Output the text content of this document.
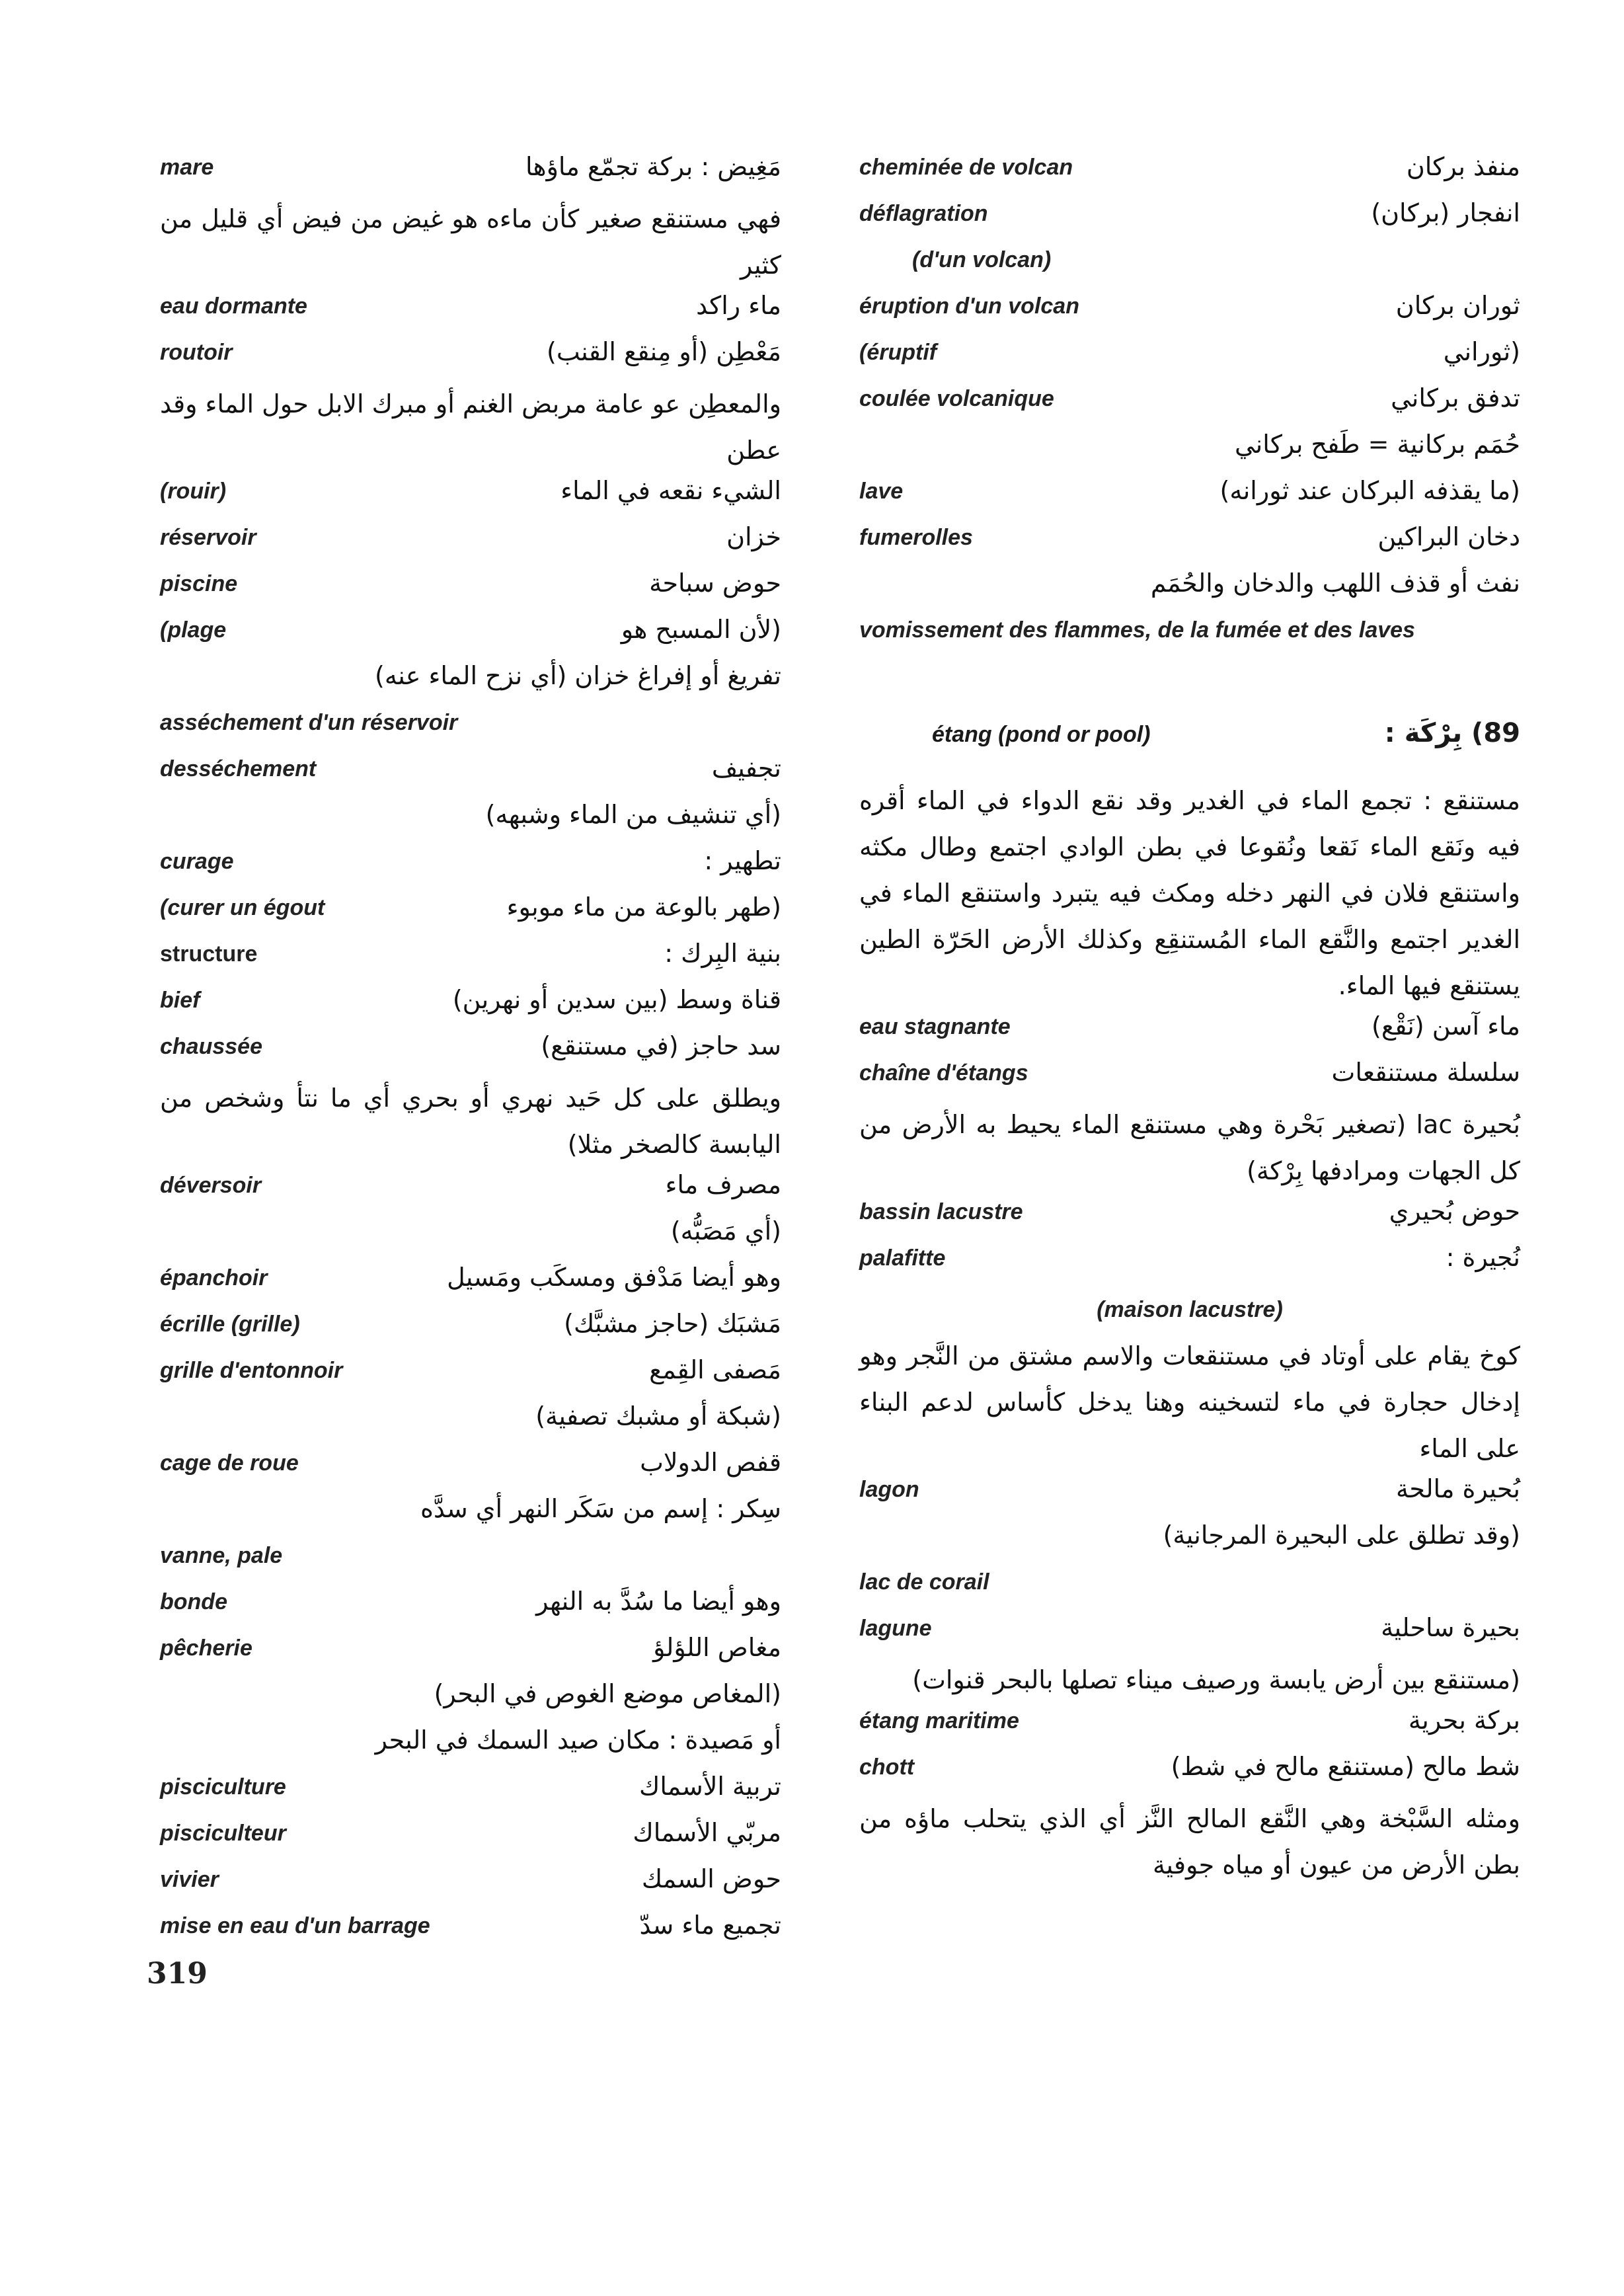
cheminée de volcan	منفذ بركان
déflagration	انفجار (بركان)
(d'un volcan)
éruption d'un volcan	ثوران بركان
(éruptif	(ثوراني
coulée volcanique	تدفق بركاني
حُمَم بركانية = طَفح بركاني
lave	(ما يقذفه البركان عند ثورانه)
fumerolles	دخان البراكين
نفث أو قذف اللهب والدخان والحُمَم
vomissement des flammes, de la fumée et des laves
89) بِرْكَة :
étang (pond or pool)

مستنقع : تجمع الماء في الغدير وقد نقع الدواء في الماء أقره فيه ونَقع الماء نَقعا ونُقوعا في بطن الوادي اجتمع وطال مكثه واستنقع فلان في النهر دخله ومكث فيه يتبرد واستنقع الماء في الغدير اجتمع والنَّقع الماء المُستنقِع وكذلك الأرض الحَرّة الطين يستنقع فيها الماء.

eau stagnante	ماء آسن (نَقْع)
chaîne d'étangs	سلسلة مستنقعات

بُحيرة lac (تصغير بَحْرة وهي مستنقع الماء يحيط به الأرض من كل الجهات ومرادفها بِرْكة)

bassin lacustre	حوض بُحيري
palafitte	نُجيرة :
(maison lacustre)

كوخ يقام على أوتاد في مستنقعات والاسم مشتق من النَّجر وهو إدخال حجارة في ماء لتسخينه وهنا يدخل كأساس لدعم البناء على الماء

lagon	بُحيرة مالحة
(وقد تطلق على البحيرة المرجانية)
lac de corail
lagune	بحيرة ساحلية

(مستنقع بين أرض يابسة ورصيف ميناء تصلها بالبحر قنوات)

étang maritime	بركة بحرية
chott	شط مالح (مستنقع مالح في شط)

ومثله السَّبْخة وهي النَّقع المالح النَّز أي الذي يتحلب ماؤه من بطن الأرض من عيون أو مياه جوفية

mare	مَغِيض : بركة تجمّع ماؤها

فهي مستنقع صغير كأن ماءه هو غيض من فيض أي قليل من كثير

eau dormante	ماء راكد
routoir	مَعْطِن (أو مِنقع القنب)

والمعطِن عو عامة مربض الغنم أو مبرك الابل حول الماء وقد عطن

(rouir)	الشيء نقعه في الماء
réservoir	خزان
piscine	حوض سباحة
(plage	(لأن المسبح هو
تفريغ أو إفراغ خزان (أي نزح الماء عنه)
asséchement d'un réservoir
desséchement	تجفيف
(أي تنشيف من الماء وشبهه)
curage	تطهير :
(curer un égout	(طهر بالوعة من ماء موبوء
structure	بنية البِرك :
bief	قناة وسط (بين سدين أو نهرين)
chaussée	سد حاجز (في مستنقع)

ويطلق على كل حَيد نهري أو بحري أي ما نتأ وشخص من اليابسة كالصخر مثلا)

déversoir	مصرف ماء
(أي مَصَبُّه)
épanchoir	وهو أيضا مَدْفق ومسكَب ومَسيل
écrille (grille)	مَشبَك (حاجز مشبَّك)
grille d'entonnoir	مَصفى القِمع
(شبكة أو مشبك تصفية)
cage de roue	قفص الدولاب
سِكر : إسم من سَكَر النهر أي سدَّه
vanne, pale
bonde	وهو أيضا ما سُدَّ به النهر
pêcherie	مغاص اللؤلؤ
(المغاص موضع الغوص في البحر)
أو مَصيدة : مكان صيد السمك في البحر
pisciculture	تربية الأسماك
pisciculteur	مربّي الأسماك
vivier	حوض السمك
mise en eau d'un barrage	تجميع ماء سدّ
319
